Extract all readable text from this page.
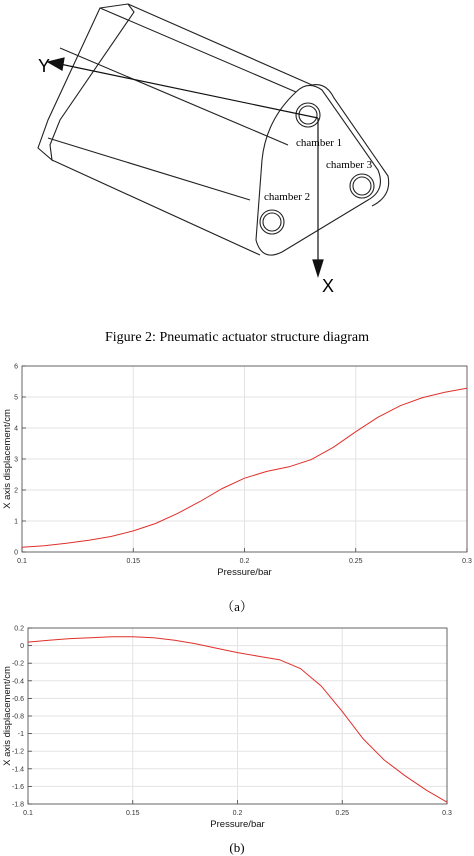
Y
X
chamber 1
chamber 3
chamber 2
Figure 2: Pneumatic actuator structure diagram
0.1	0.15	0.2	0.25	0.3
0
1
2
3
4
5
6
Pressure/bar
X axis displacement/cm
（a）
0.1	0.15	0.2	0.25	0.3
0.2
0
-0.2
-0.4
-0.6
-0.8
-1
-1.2
-1.4
-1.6
-1.8
Pressure/bar
X axis displacement/cm
(b)
